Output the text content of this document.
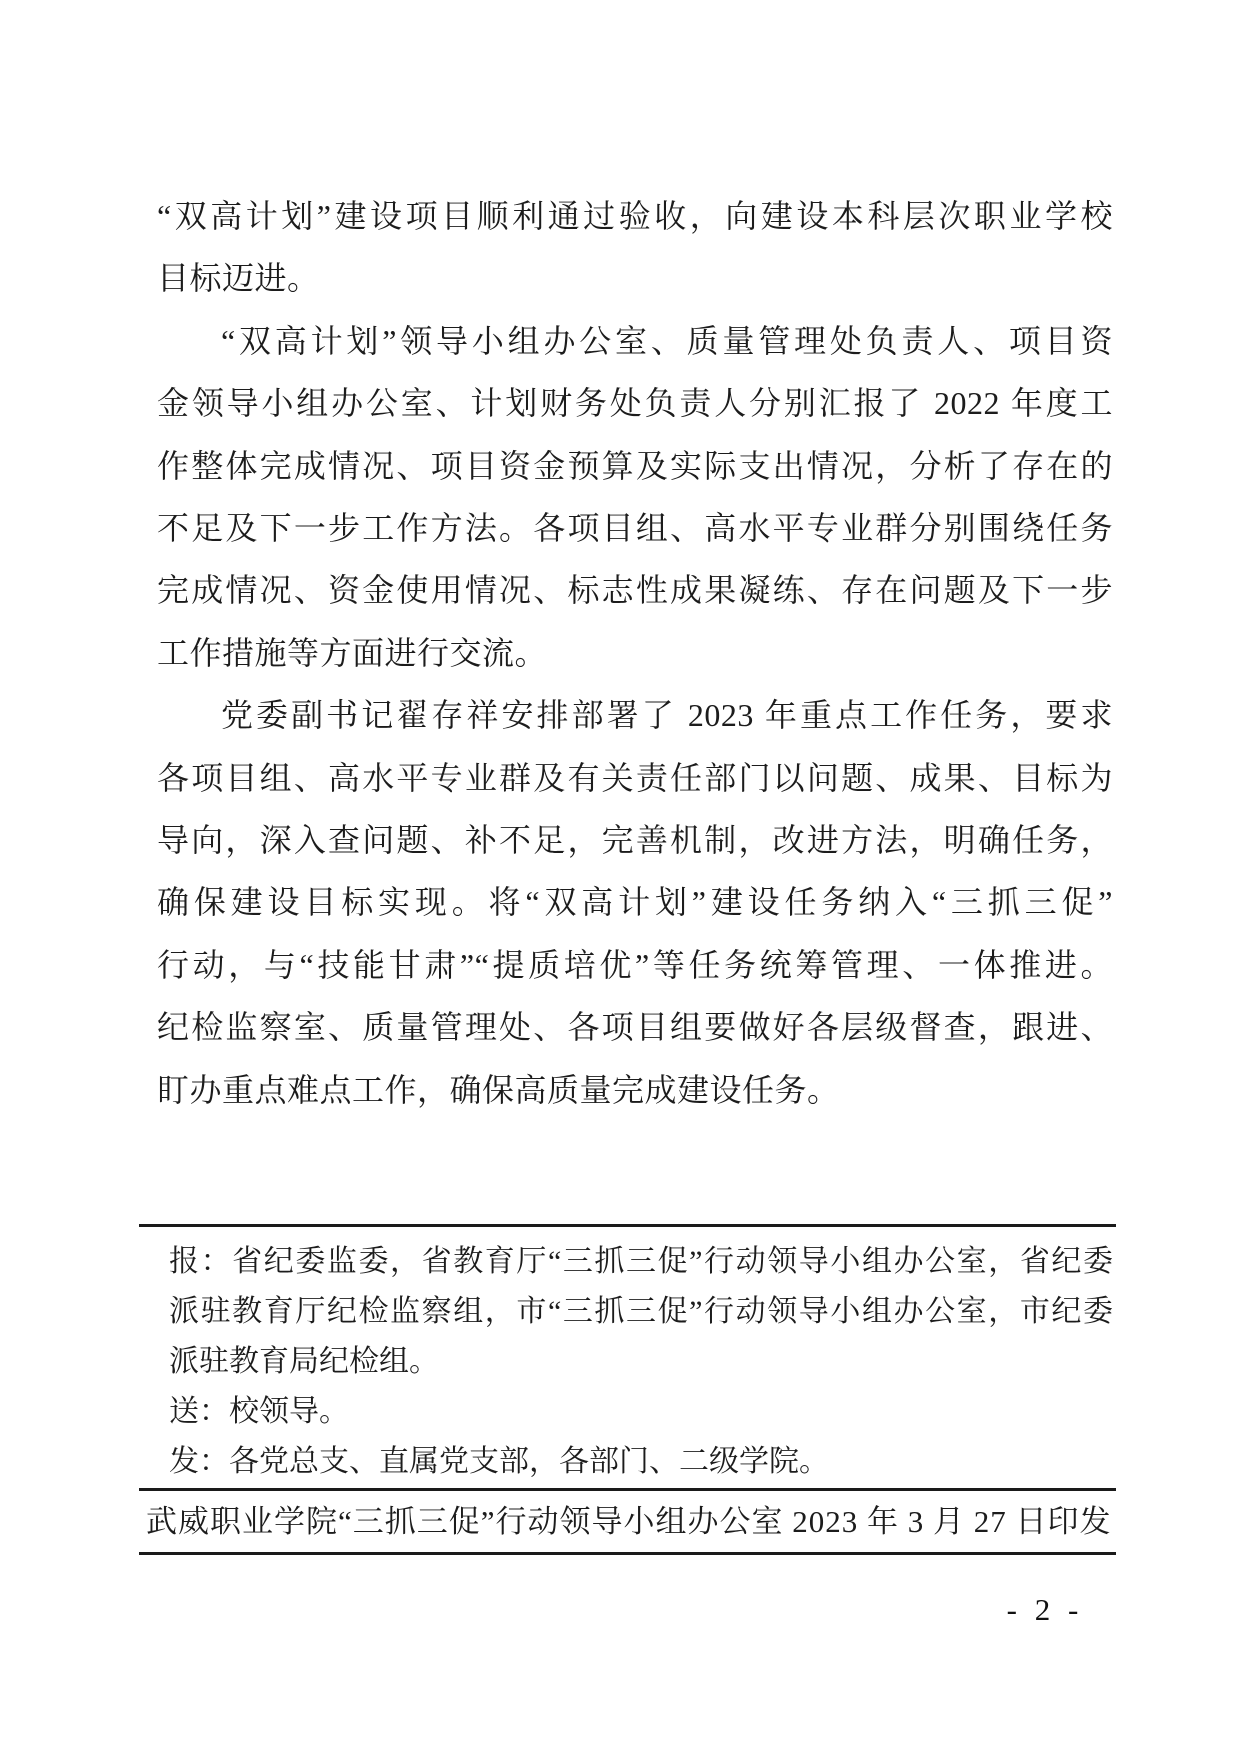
“双高计划”建设项目顺利通过验收，向建设本科层次职业学校
目标迈进。
“双高计划”领导小组办公室、质量管理处负责人、项目资
金领导小组办公室、计划财务处负责人分别汇报了 2022 年度工
作整体完成情况、项目资金预算及实际支出情况，分析了存在的
不足及下一步工作方法。各项目组、高水平专业群分别围绕任务
完成情况、资金使用情况、标志性成果凝练、存在问题及下一步
工作措施等方面进行交流。
党委副书记翟存祥安排部署了 2023 年重点工作任务，要求
各项目组、高水平专业群及有关责任部门以问题、成果、目标为
导向，深入查问题、补不足，完善机制，改进方法，明确任务，
确保建设目标实现。将“双高计划”建设任务纳入“三抓三促”
行动，与“技能甘肃”“提质培优”等任务统筹管理、一体推进。
纪检监察室、质量管理处、各项目组要做好各层级督查，跟进、
盯办重点难点工作，确保高质量完成建设任务。
报：省纪委监委，省教育厅“三抓三促”行动领导小组办公室，省纪委
派驻教育厅纪检监察组，市“三抓三促”行动领导小组办公室，市纪委
派驻教育局纪检组。
送：校领导。
发：各党总支、直属党支部，各部门、二级学院。
武威职业学院“三抓三促”行动领导小组办公室 2023 年 3 月 27 日印发
- 2 -
